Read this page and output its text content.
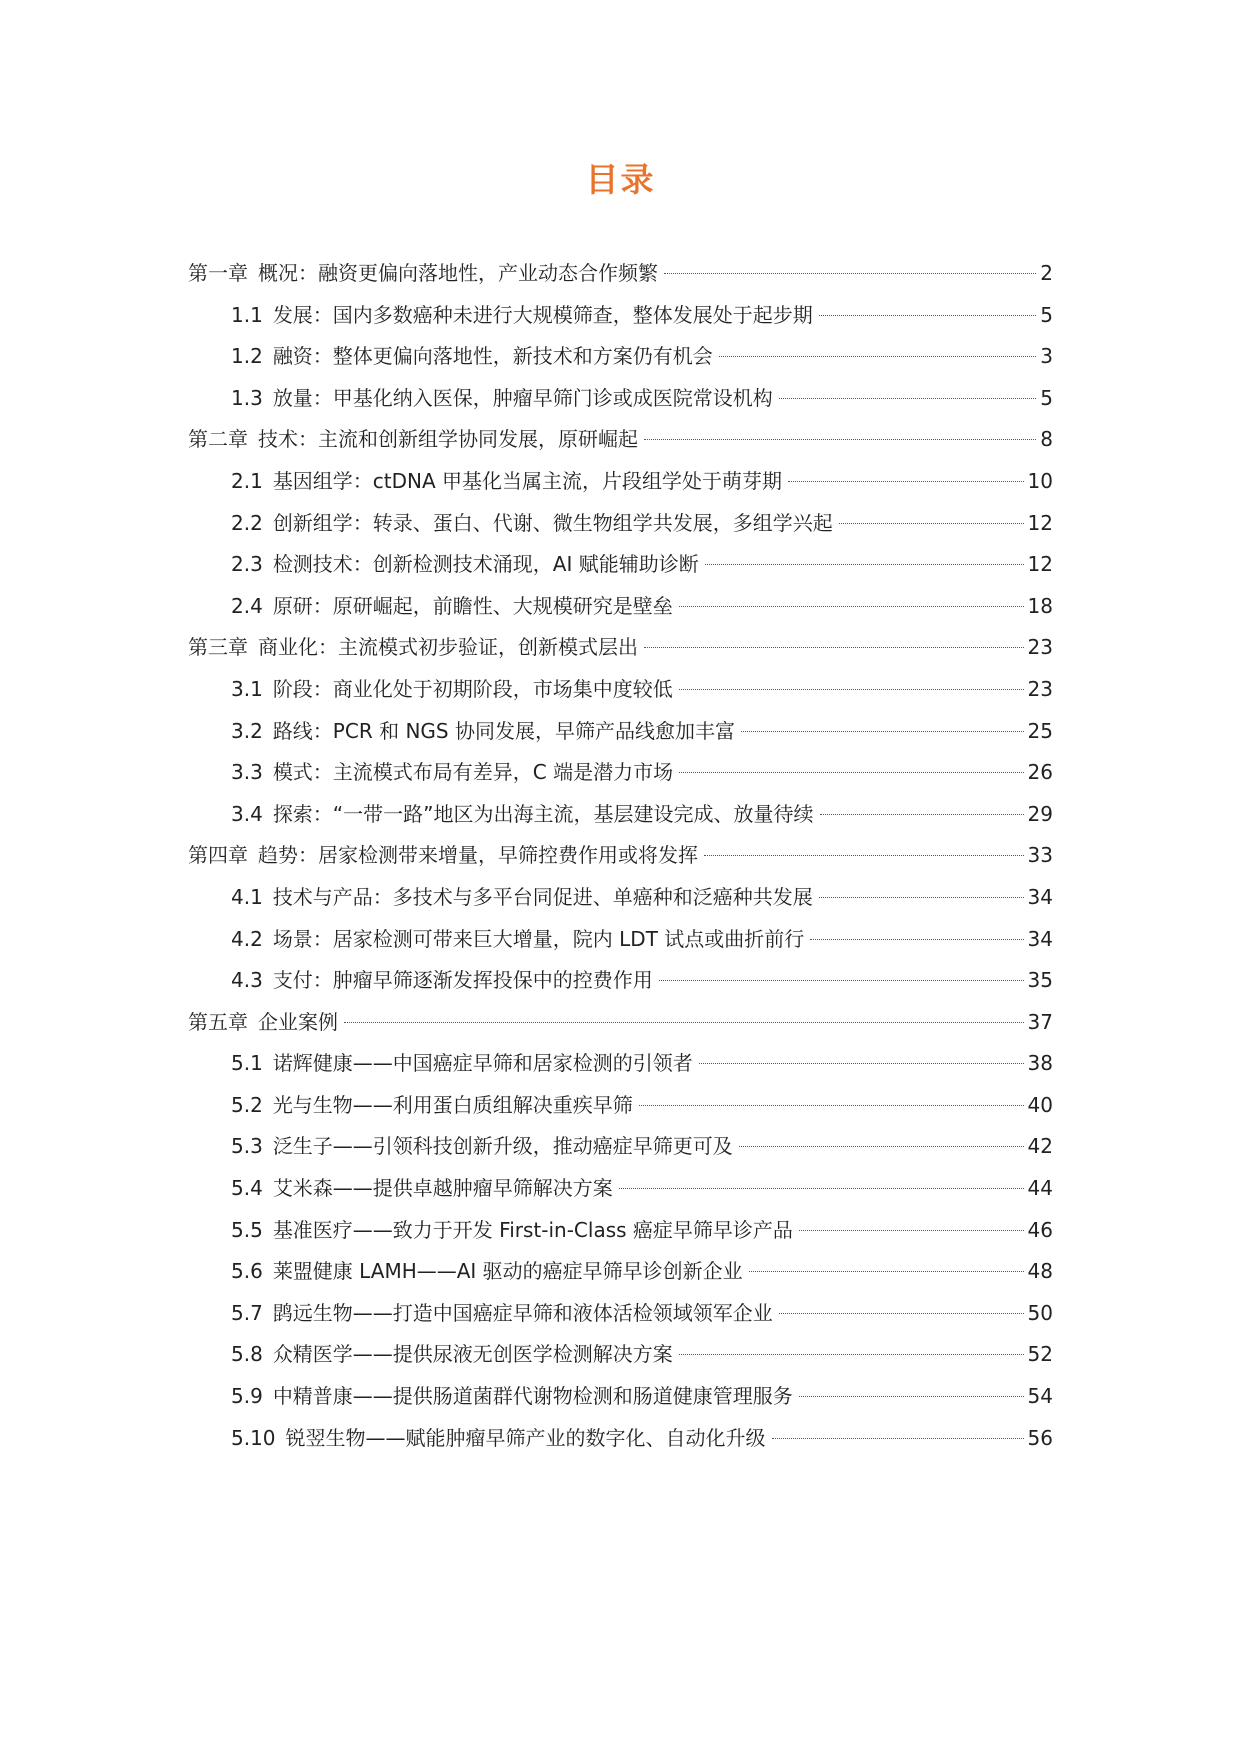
目录
第一章 概况：融资更偏向落地性，产业动态合作频繁	2
1.1 发展：国内多数癌种未进行大规模筛查，整体发展处于起步期	5
1.2 融资：整体更偏向落地性，新技术和方案仍有机会	3
1.3 放量：甲基化纳入医保，肿瘤早筛门诊或成医院常设机构	5
第二章 技术：主流和创新组学协同发展，原研崛起	8
2.1 基因组学：ctDNA 甲基化当属主流，片段组学处于萌芽期	10
2.2 创新组学：转录、蛋白、代谢、微生物组学共发展，多组学兴起	12
2.3 检测技术：创新检测技术涌现，AI 赋能辅助诊断	12
2.4 原研：原研崛起，前瞻性、大规模研究是壁垒	18
第三章 商业化：主流模式初步验证，创新模式层出	23
3.1 阶段：商业化处于初期阶段，市场集中度较低	23
3.2 路线：PCR 和 NGS 协同发展，早筛产品线愈加丰富	25
3.3 模式：主流模式布局有差异，C 端是潜力市场	26
3.4 探索：“一带一路”地区为出海主流，基层建设完成、放量待续	29
第四章 趋势：居家检测带来增量，早筛控费作用或将发挥	33
4.1 技术与产品：多技术与多平台同促进、单癌种和泛癌种共发展	34
4.2 场景：居家检测可带来巨大增量，院内 LDT 试点或曲折前行	34
4.3 支付：肿瘤早筛逐渐发挥投保中的控费作用	35
第五章 企业案例	37
5.1 诺辉健康——中国癌症早筛和居家检测的引领者	38
5.2 光与生物——利用蛋白质组解决重疾早筛	40
5.3 泛生子——引领科技创新升级，推动癌症早筛更可及	42
5.4 艾米森——提供卓越肿瘤早筛解决方案	44
5.5 基准医疗——致力于开发 First-in-Class 癌症早筛早诊产品	46
5.6 莱盟健康 LAMH——AI 驱动的癌症早筛早诊创新企业	48
5.7 鹍远生物——打造中国癌症早筛和液体活检领域领军企业	50
5.8 众精医学——提供尿液无创医学检测解决方案	52
5.9 中精普康——提供肠道菌群代谢物检测和肠道健康管理服务	54
5.10 锐翌生物——赋能肿瘤早筛产业的数字化、自动化升级	56
